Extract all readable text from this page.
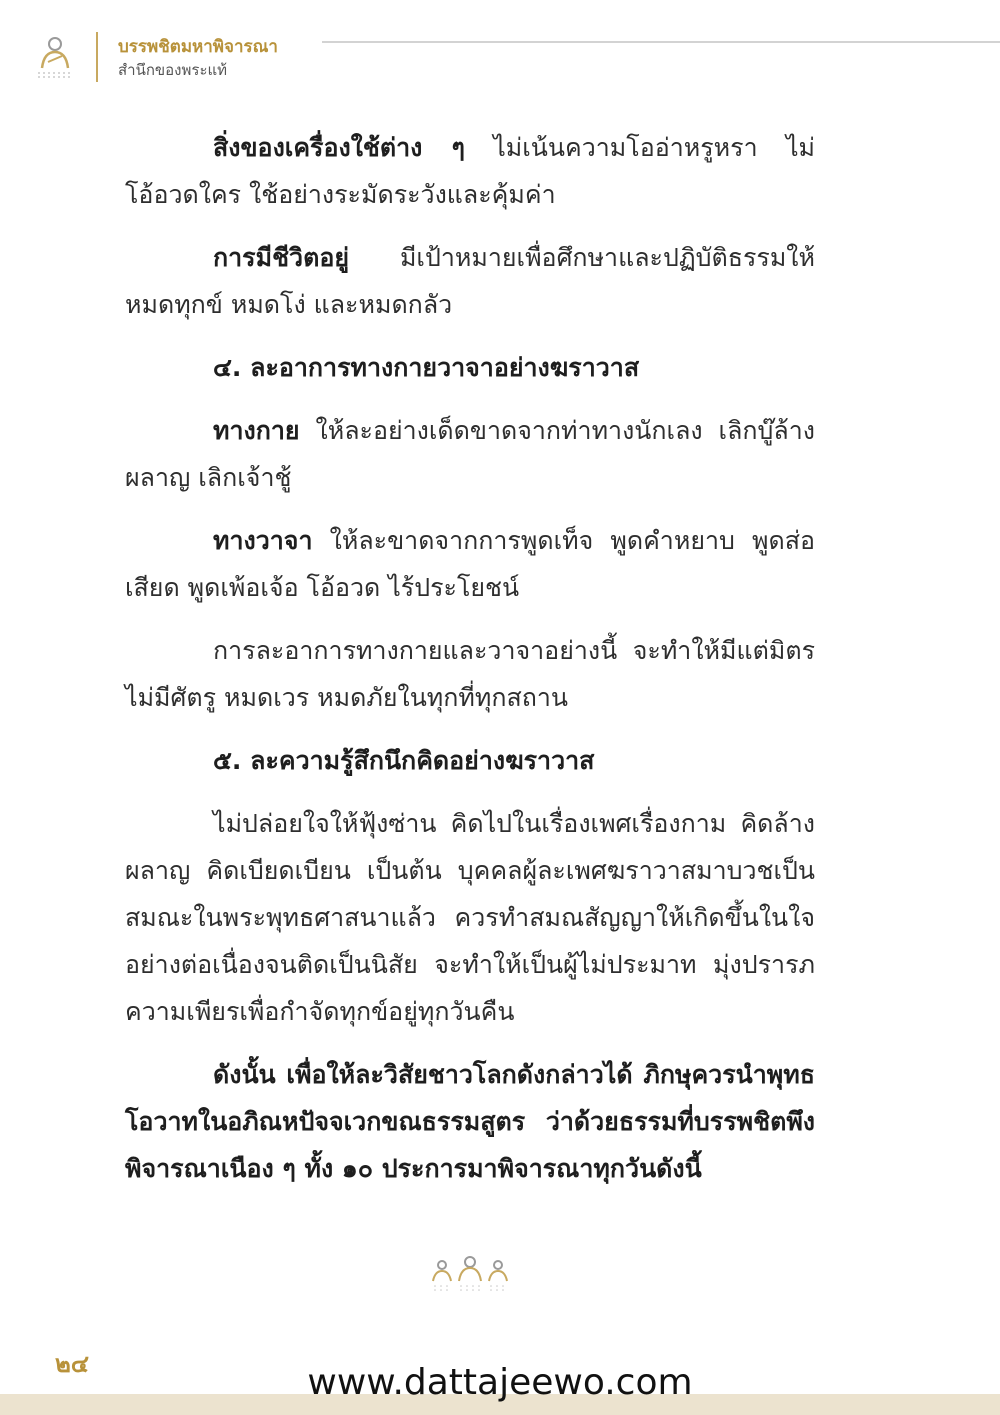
บรรพชิตมหาพิจารณา
สำนึกของพระแท้

สิ่งของเครื่องใช้ต่าง ๆ ไม่เน้นความโออ่าหรูหรา ไม่โอ้อวดใคร ใช้อย่างระมัดระวังและคุ้มค่า

การมีชีวิตอยู่ มีเป้าหมายเพื่อศึกษาและปฏิบัติธรรมให้หมดทุกข์ หมดโง่ และหมดกลัว

๔. ละอาการทางกายวาจาอย่างฆราวาส

ทางกาย ให้ละอย่างเด็ดขาดจากท่าทางนักเลง เลิกบู๊ล้างผลาญ เลิกเจ้าชู้

ทางวาจา ให้ละขาดจากการพูดเท็จ พูดคำหยาบ พูดส่อเสียด พูดเพ้อเจ้อ โอ้อวด ไร้ประโยชน์

การละอาการทางกายและวาจาอย่างนี้ จะทำให้มีแต่มิตร ไม่มีศัตรู หมดเวร หมดภัยในทุกที่ทุกสถาน

๕. ละความรู้สึกนึกคิดอย่างฆราวาส

ไม่ปล่อยใจให้ฟุ้งซ่าน คิดไปในเรื่องเพศเรื่องกาม คิดล้างผลาญ คิดเบียดเบียน เป็นต้น บุคคลผู้ละเพศฆราวาสมาบวชเป็นสมณะในพระพุทธศาสนาแล้ว ควรทำสมณสัญญาให้เกิดขึ้นในใจอย่างต่อเนื่องจนติดเป็นนิสัย จะทำให้เป็นผู้ไม่ประมาท มุ่งปรารภความเพียรเพื่อกำจัดทุกข์อยู่ทุกวันคืน

ดังนั้น เพื่อให้ละวิสัยชาวโลกดังกล่าวได้ ภิกษุควรนำพุทธโอวาทในอภิณหปัจจเวกขณธรรมสูตร ว่าด้วยธรรมที่บรรพชิตพึงพิจารณาเนือง ๆ ทั้ง ๑๐ ประการมาพิจารณาทุกวันดังนี้

๒๔	www.dattajeewo.com
